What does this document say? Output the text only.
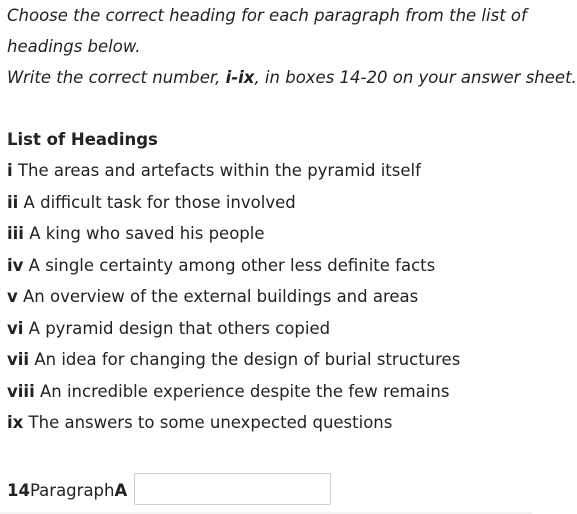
Choose the correct heading for each paragraph from the list of
headings below.
Write the correct number, i-ix, in boxes 14-20 on your answer sheet.
List of Headings
i The areas and artefacts within the pyramid itself
ii A difficult task for those involved
iii A king who saved his people
iv A single certainty among other less definite facts
v An overview of the external buildings and areas
vi A pyramid design that others copied
vii An idea for changing the design of burial structures
viii An incredible experience despite the few remains
ix The answers to some unexpected questions
14 Paragraph A
